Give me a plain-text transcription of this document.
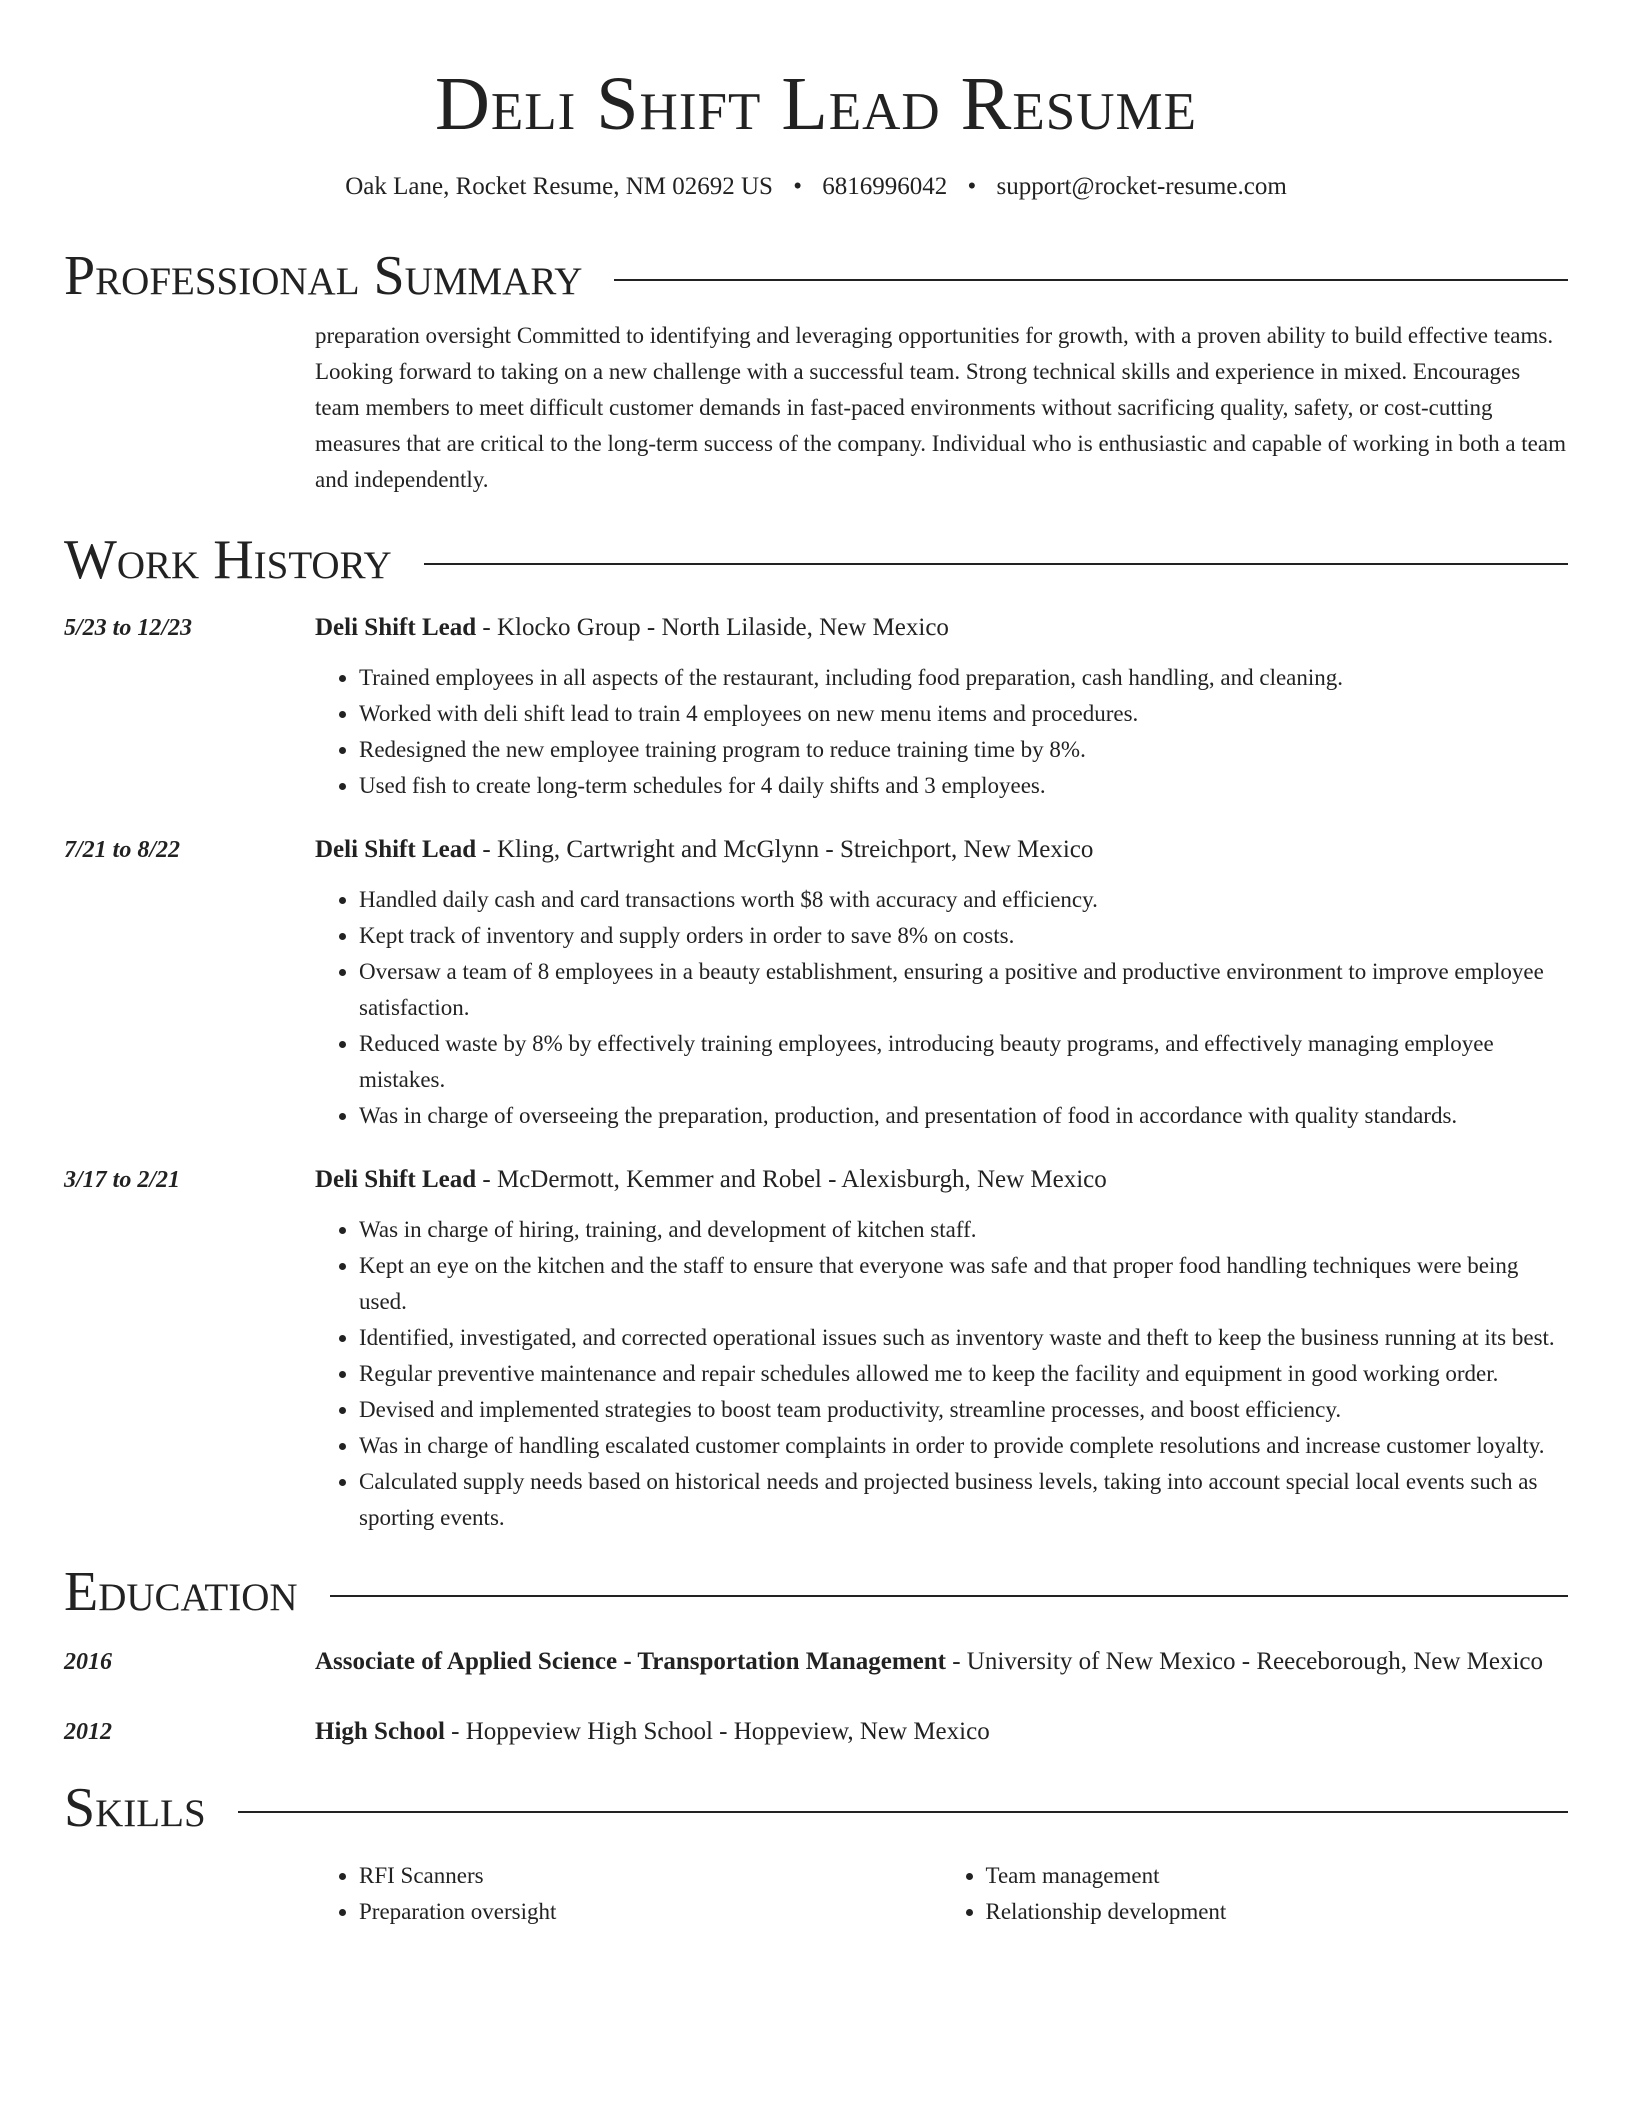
Deli Shift Lead Resume
Oak Lane, Rocket Resume, NM 02692 US • 6816996042 • support@rocket-resume.com
Professional Summary
preparation oversight Committed to identifying and leveraging opportunities for growth, with a proven ability to build effective teams. Looking forward to taking on a new challenge with a successful team. Strong technical skills and experience in mixed. Encourages team members to meet difficult customer demands in fast-paced environments without sacrificing quality, safety, or cost-cutting measures that are critical to the long-term success of the company. Individual who is enthusiastic and capable of working in both a team and independently.
Work History
5/23 to 12/23	Deli Shift Lead - Klocko Group - North Lilaside, New Mexico
• Trained employees in all aspects of the restaurant, including food preparation, cash handling, and cleaning.
• Worked with deli shift lead to train 4 employees on new menu items and procedures.
• Redesigned the new employee training program to reduce training time by 8%.
• Used fish to create long-term schedules for 4 daily shifts and 3 employees.
7/21 to 8/22	Deli Shift Lead - Kling, Cartwright and McGlynn - Streichport, New Mexico
• Handled daily cash and card transactions worth $8 with accuracy and efficiency.
• Kept track of inventory and supply orders in order to save 8% on costs.
• Oversaw a team of 8 employees in a beauty establishment, ensuring a positive and productive environment to improve employee satisfaction.
• Reduced waste by 8% by effectively training employees, introducing beauty programs, and effectively managing employee mistakes.
• Was in charge of overseeing the preparation, production, and presentation of food in accordance with quality standards.
3/17 to 2/21	Deli Shift Lead - McDermott, Kemmer and Robel - Alexisburgh, New Mexico
• Was in charge of hiring, training, and development of kitchen staff.
• Kept an eye on the kitchen and the staff to ensure that everyone was safe and that proper food handling techniques were being used.
• Identified, investigated, and corrected operational issues such as inventory waste and theft to keep the business running at its best.
• Regular preventive maintenance and repair schedules allowed me to keep the facility and equipment in good working order.
• Devised and implemented strategies to boost team productivity, streamline processes, and boost efficiency.
• Was in charge of handling escalated customer complaints in order to provide complete resolutions and increase customer loyalty.
• Calculated supply needs based on historical needs and projected business levels, taking into account special local events such as sporting events.
Education
2016	Associate of Applied Science - Transportation Management - University of New Mexico - Reeceborough, New Mexico
2012	High School - Hoppeview High School - Hoppeview, New Mexico
Skills
• RFI Scanners
• Preparation oversight
• Team management
• Relationship development
